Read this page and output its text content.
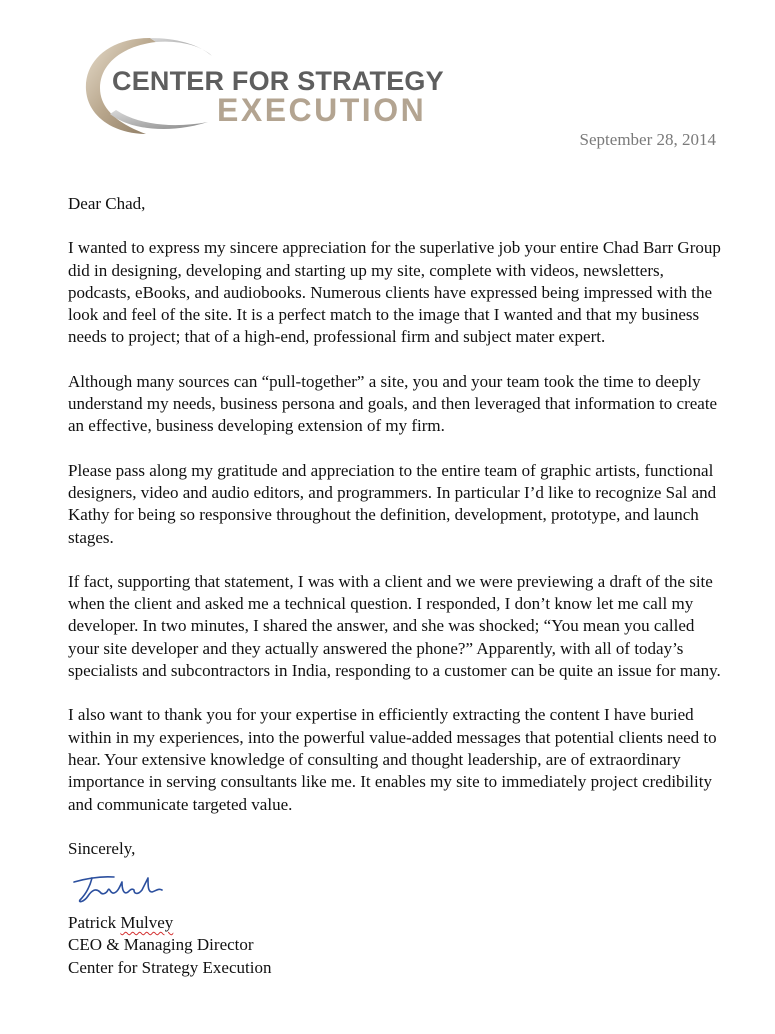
CENTER FOR STRATEGY
EXECUTION
September 28, 2014

Dear Chad,

I wanted to express my sincere appreciation for the superlative job your entire Chad Barr Group did in designing, developing and starting up my site, complete with videos, newsletters, podcasts, eBooks, and audiobooks. Numerous clients have expressed being impressed with the look and feel of the site. It is a perfect match to the image that I wanted and that my business needs to project; that of a high-end, professional firm and subject mater expert.

Although many sources can “pull-together” a site, you and your team took the time to deeply understand my needs, business persona and goals, and then leveraged that information to create an effective, business developing extension of my firm.

Please pass along my gratitude and appreciation to the entire team of graphic artists, functional designers, video and audio editors, and programmers. In particular I’d like to recognize Sal and Kathy for being so responsive throughout the definition, development, prototype, and launch stages.

If fact, supporting that statement, I was with a client and we were previewing a draft of the site when the client and asked me a technical question. I responded, I don’t know let me call my developer. In two minutes, I shared the answer, and she was shocked; “You mean you called your site developer and they actually answered the phone?” Apparently, with all of today’s specialists and subcontractors in India, responding to a customer can be quite an issue for many.

I also want to thank you for your expertise in efficiently extracting the content I have buried within in my experiences, into the powerful value-added messages that potential clients need to hear. Your extensive knowledge of consulting and thought leadership, are of extraordinary importance in serving consultants like me. It enables my site to immediately project credibility and communicate targeted value.

Sincerely,

Patrick Mulvey
CEO & Managing Director
Center for Strategy Execution
